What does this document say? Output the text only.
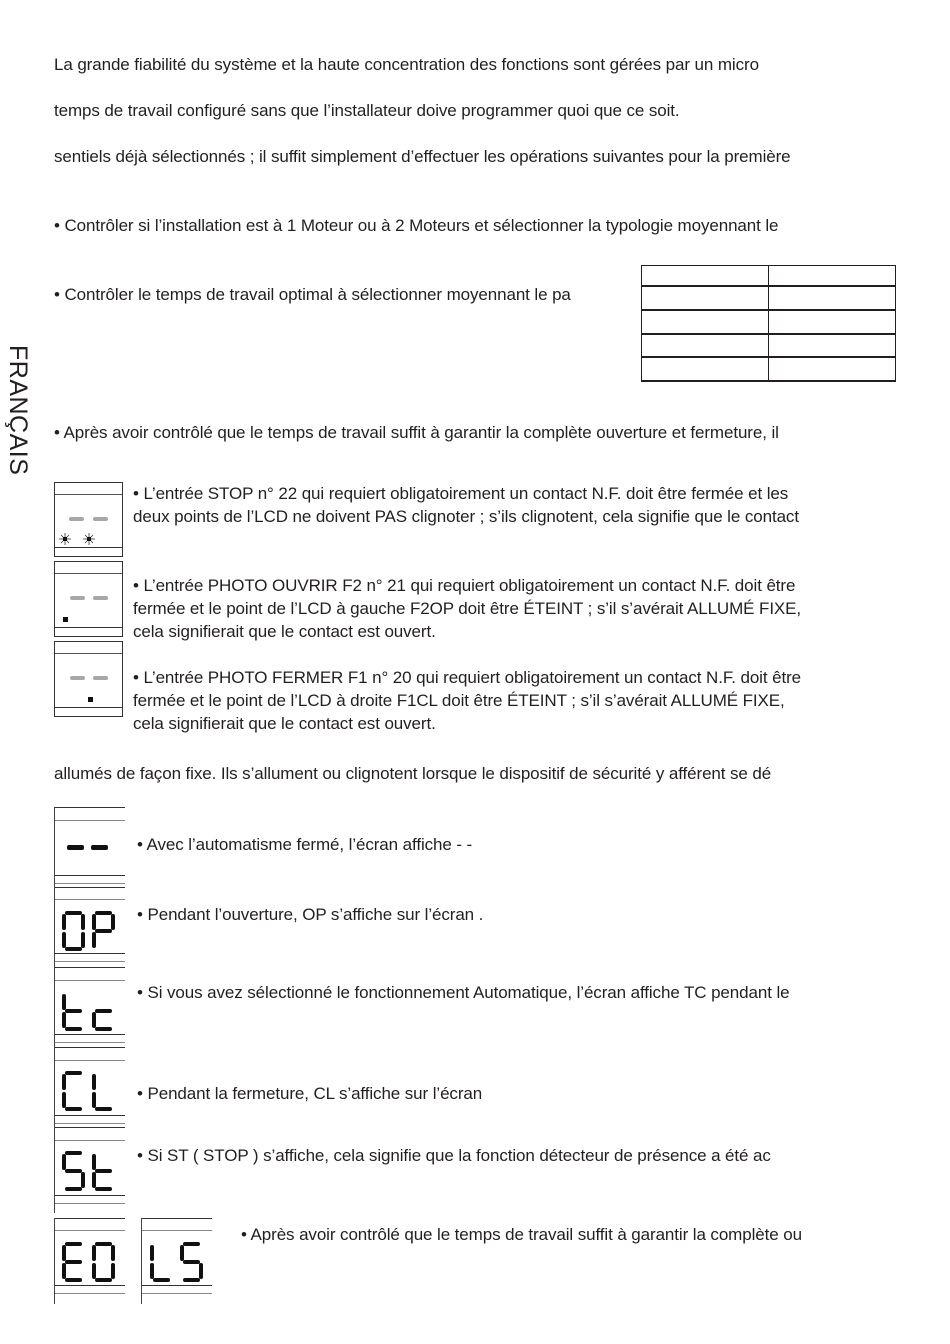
FRANÇAIS
La grande fiabilité du système et la haute concentration des fonctions sont gérées par un micro
temps de travail configuré sans que l’installateur doive programmer quoi que ce soit.
sentiels déjà sélectionnés ; il suffit simplement d’effectuer les opérations suivantes pour la première
• Contrôler si l’installation est à 1 Moteur ou à 2 Moteurs et sélectionner la typologie moyennant le
• Contrôler le temps de travail optimal à sélectionner moyennant le pa

• Après avoir contrôlé que le temps de travail suffit à garantir la complète ouverture et fermeture, il
• L’entrée STOP n° 22 qui requiert obligatoirement un contact N.F. doit être fermée et les
deux points de l’LCD ne doivent PAS clignoter ; s’ils clignotent, cela signifie que le contact
• L’entrée PHOTO OUVRIR F2 n° 21 qui requiert obligatoirement un contact N.F. doit être
fermée et le point de l’LCD à gauche F2OP doit être ÉTEINT ; s’il s’avérait ALLUMÉ FIXE,
cela signifierait que le contact est ouvert.
• L’entrée PHOTO FERMER F1 n° 20 qui requiert obligatoirement un contact N.F. doit être
fermée et le point de l’LCD à droite F1CL doit être ÉTEINT ; s’il s’avérait ALLUMÉ FIXE,
cela signifierait que le contact est ouvert.
allumés de façon fixe. Ils s’allument ou clignotent lorsque le dispositif de sécurité y afférent se dé
• Avec l’automatisme fermé, l’écran affiche - -
• Pendant l’ouverture, OP s’affiche sur l’écran .
• Si vous avez sélectionné le fonctionnement Automatique, l’écran affiche TC pendant le
• Pendant la fermeture, CL s’affiche sur l’écran
• Si ST ( STOP ) s’affiche, cela signifie que la fonction détecteur de présence a été ac
• Après avoir contrôlé que le temps de travail suffit à garantir la complète ou
